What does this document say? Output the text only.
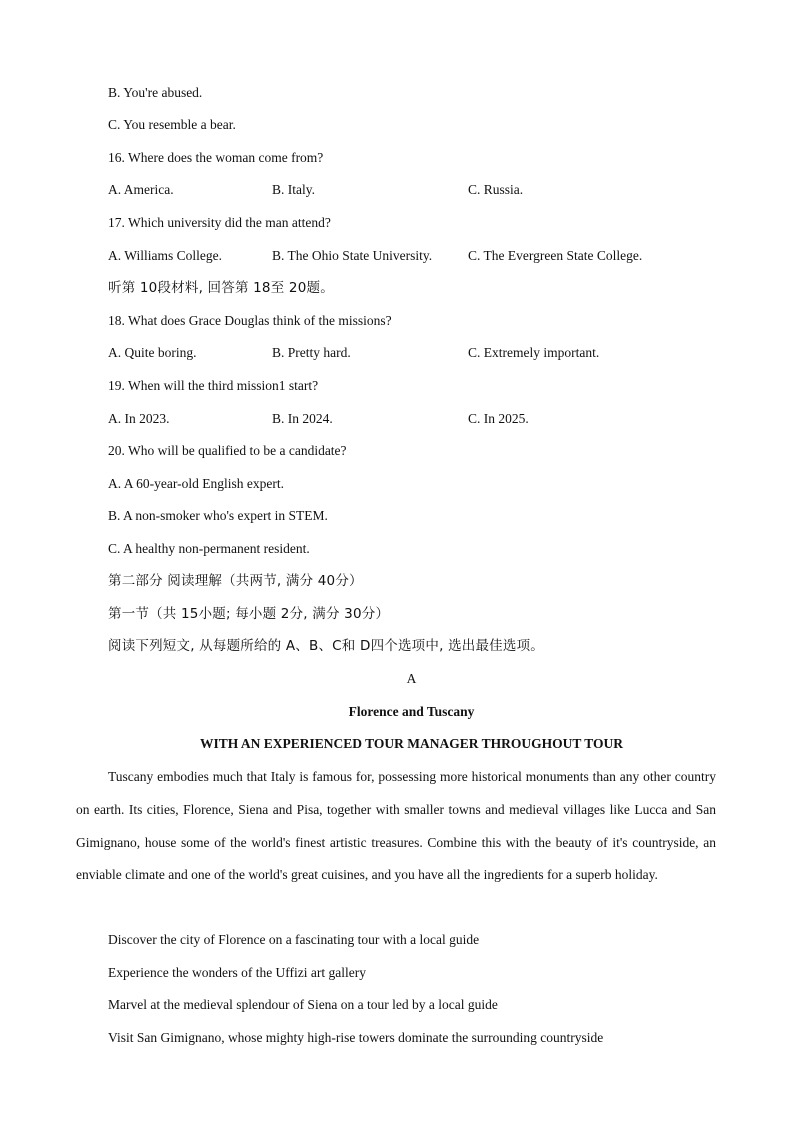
B. You're abused.
C. You resemble a bear.
16. Where does the woman come from?
A. America.	B. Italy.	C. Russia.
17. Which university did the man attend?
A. Williams College.	B. The Ohio State University.	C. The Evergreen State College.
听第 10段材料, 回答第 18至 20题。
18. What does Grace Douglas think of the missions?
A. Quite boring.	B. Pretty hard.	C. Extremely important.
19. When will the third mission1 start?
A. In 2023.	B. In 2024.	C. In 2025.
20. Who will be qualified to be a candidate?
A. A 60-year-old English expert.
B. A non-smoker who's expert in STEM.
C. A healthy non-permanent resident.
第二部分 阅读理解（共两节, 满分 40分）
第一节（共 15小题; 每小题 2分, 满分 30分）
阅读下列短文, 从每题所给的 A、B、C和 D四个选项中, 选出最佳选项。
A
Florence and Tuscany
WITH AN EXPERIENCED TOUR MANAGER THROUGHOUT TOUR
Tuscany embodies much that Italy is famous for, possessing more historical monuments than any other country on earth. Its cities, Florence, Siena and Pisa, together with smaller towns and medieval villages like Lucca and San Gimignano, house some of the world's finest artistic treasures. Combine this with the beauty of it's countryside, an enviable climate and one of the world's great cuisines, and you have all the ingredients for a superb holiday.
Discover the city of Florence on a fascinating tour with a local guide
Experience the wonders of the Uffizi art gallery
Marvel at the medieval splendour of Siena on a tour led by a local guide
Visit San Gimignano, whose mighty high-rise towers dominate the surrounding countryside
